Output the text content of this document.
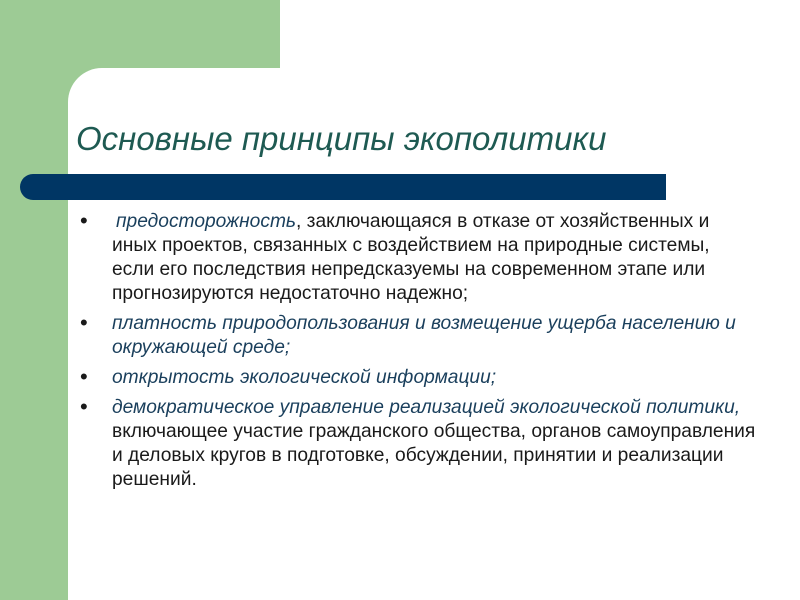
Основные принципы экополитики
• предосторожность, заключающаяся в отказе от хозяйственных и иных проектов, связанных с воздействием на природные системы, если его последствия непредсказуемы на современном этапе или прогнозируются недостаточно надежно;
• платность природопользования и возмещение ущерба населению и окружающей среде;
• открытость экологической информации;
• демократическое управление реализацией экологической политики, включающее участие гражданского общества, органов самоуправления и деловых кругов в подготовке, обсуждении, принятии и реализации решений.
